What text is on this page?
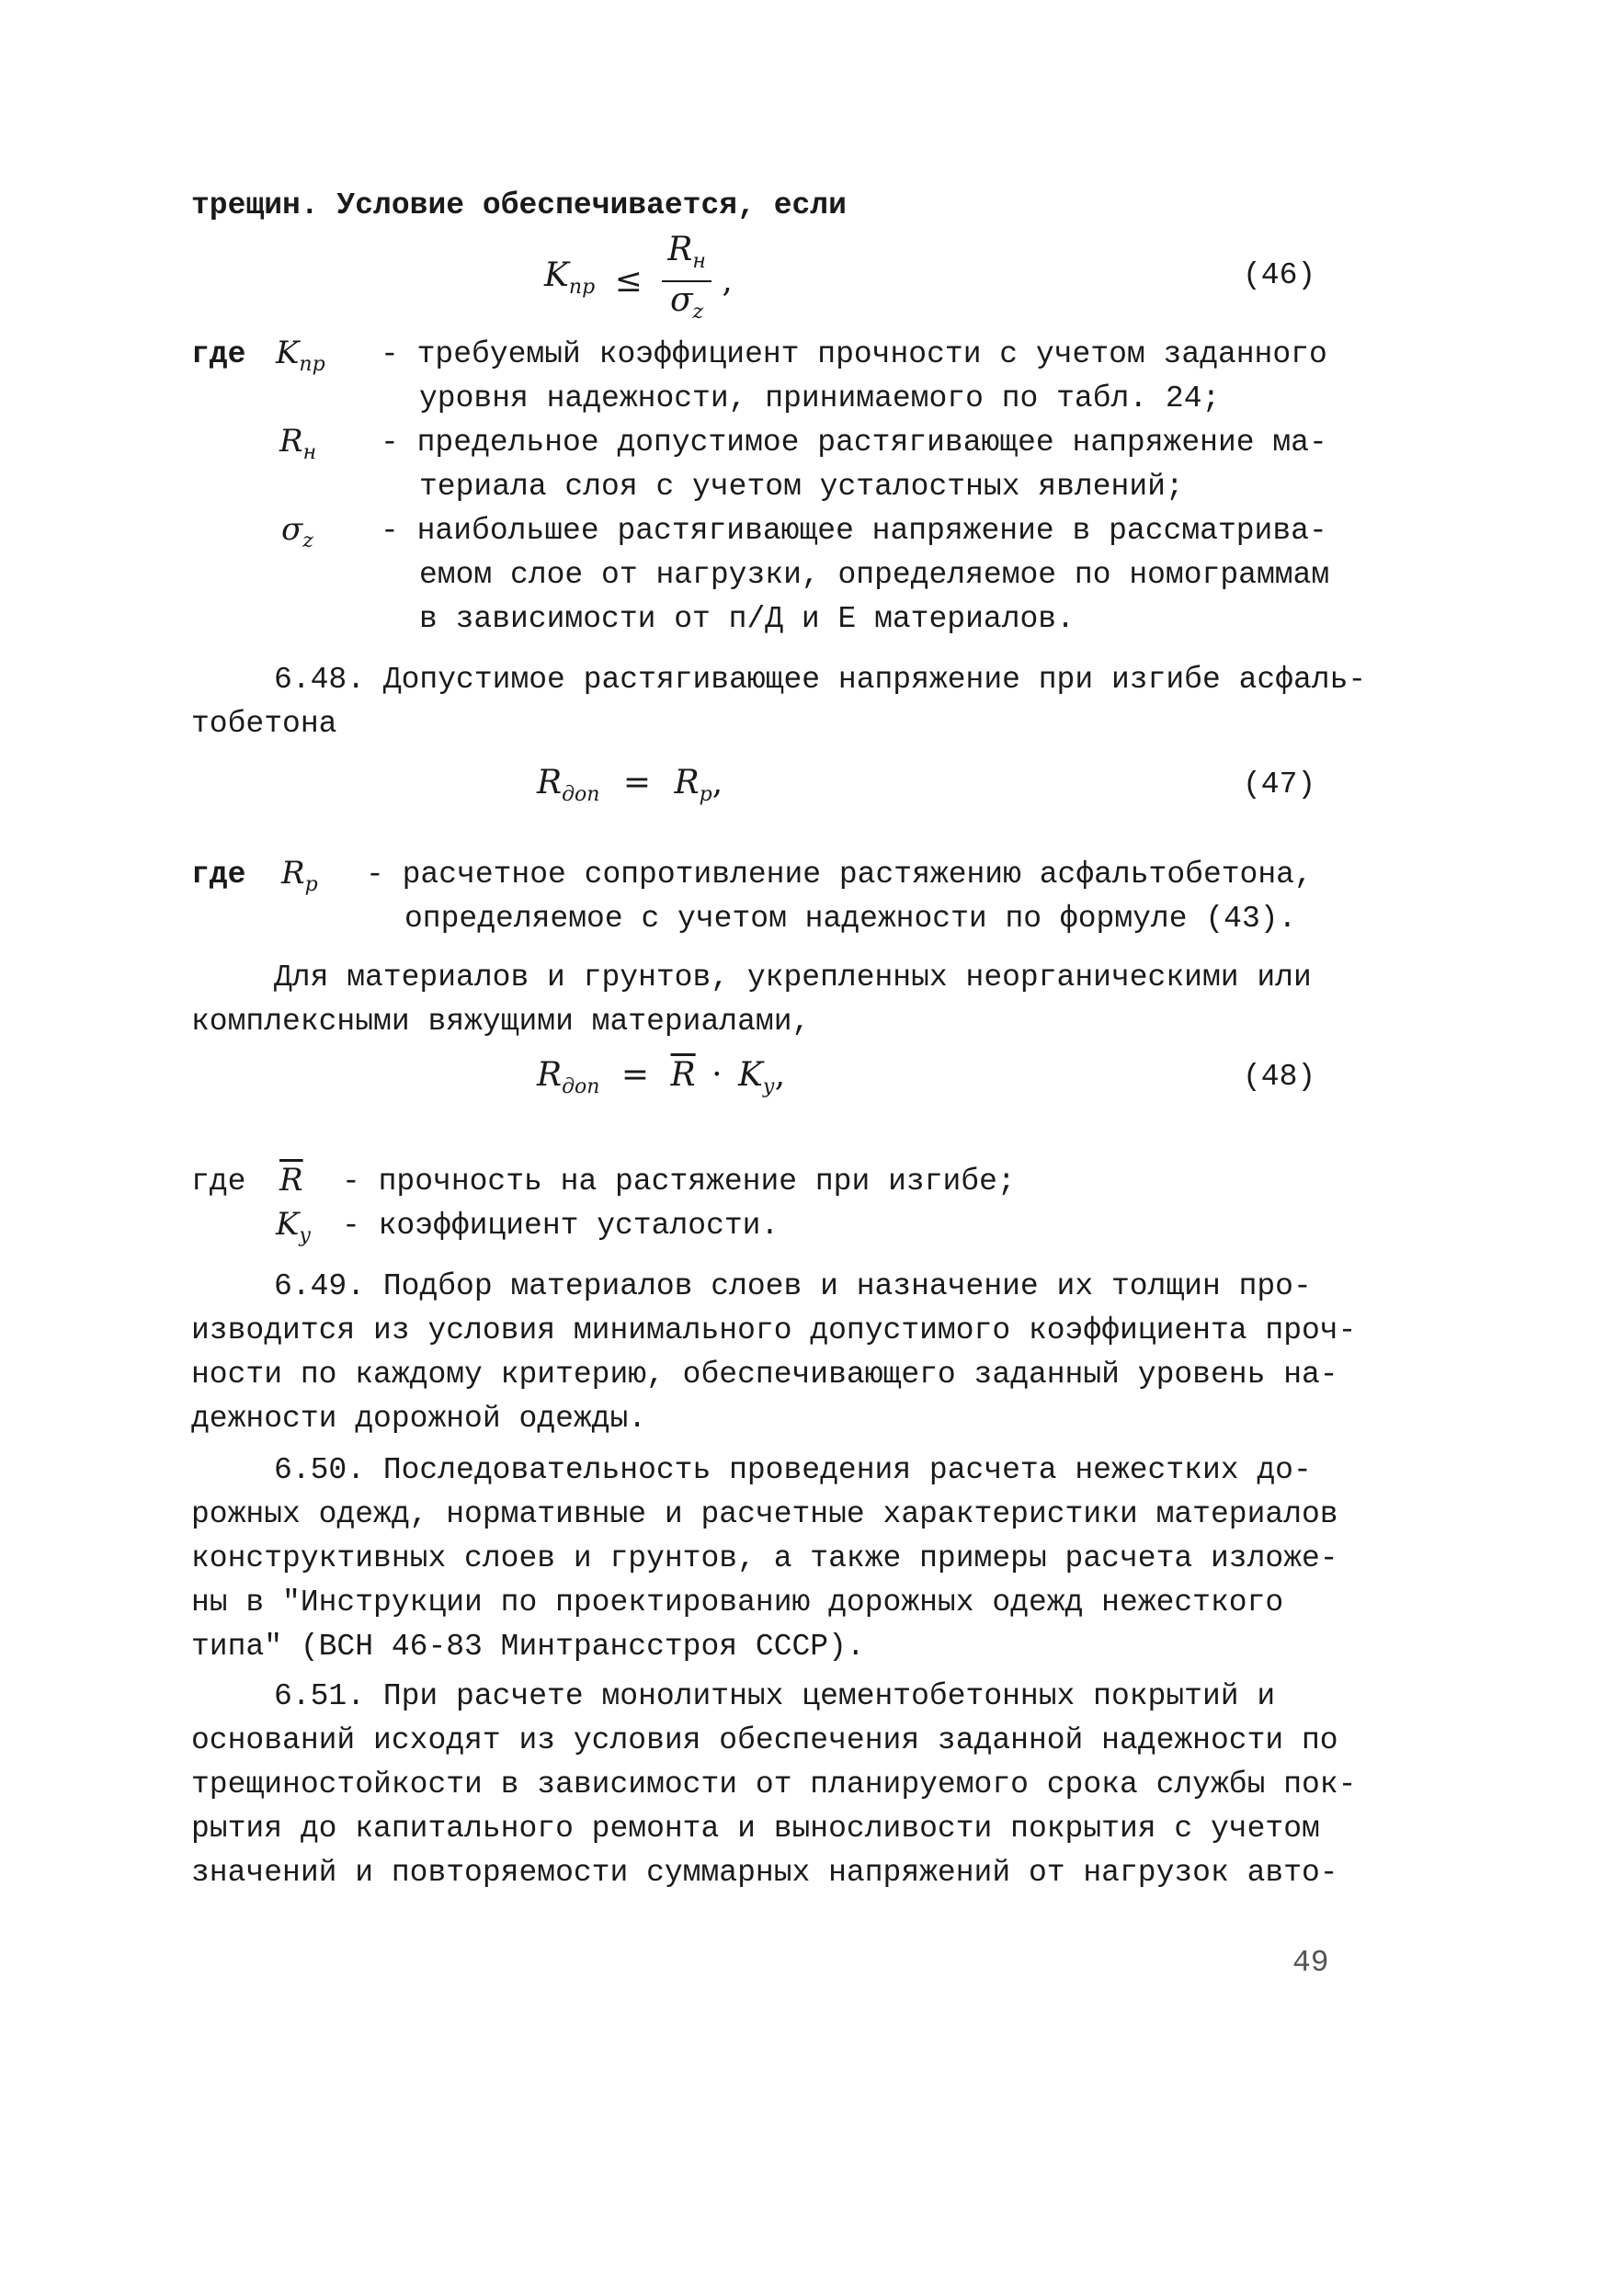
трещин. Условие обеспечивается, если
$K_{пр} \le \frac{R_н}{\sigma_z}$ ,	(46)
где $K_{пр}$ - требуемый коэффициент прочности с учетом заданного
уровня надежности, принимаемого по табл. 24;
$R_н$ - предельное допустимое растягивающее напряжение ма-
териала слоя с учетом усталостных явлений;
$\sigma_z$ - наибольшее растягивающее напряжение в рассматрива-
емом слое от нагрузки, определяемое по номограммам
в зависимости от п/Д и E материалов.
6.48. Допустимое растягивающее напряжение при изгибе асфаль-
тобетона
$R_{доп} = R_p$,	(47)
где $R_p$ - расчетное сопротивление растяжению асфальтобетона,
определяемое с учетом надежности по формуле (43).
Для материалов и грунтов, укрепленных неорганическими или
комплексными вяжущими материалами,
$R_{доп} = \overline{R} \cdot K_у$,	(48)
где $\overline{R}$ - прочность на растяжение при изгибе;
$K_у$ - коэффициент усталости.
6.49. Подбор материалов слоев и назначение их толщин про-
изводится из условия минимального допустимого коэффициента проч-
ности по каждому критерию, обеспечивающего заданный уровень на-
дежности дорожной одежды.
6.50. Последовательность проведения расчета нежестких до-
рожных одежд, нормативные и расчетные характеристики материалов
конструктивных слоев и грунтов, а также примеры расчета изложе-
ны в "Инструкции по проектированию дорожных одежд нежесткого
типа" (ВСН 46-83 Минтрансстроя СССР).
6.51. При расчете монолитных цементобетонных покрытий и
оснований исходят из условия обеспечения заданной надежности по
трещиностойкости в зависимости от планируемого срока службы пок-
рытия до капитального ремонта и выносливости покрытия с учетом
значений и повторяемости суммарных напряжений от нагрузок авто-
49
